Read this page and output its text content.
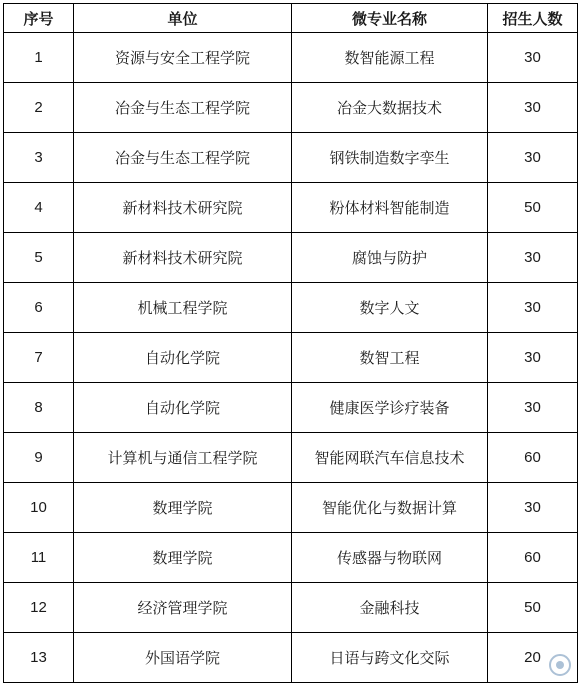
序号	单位	微专业名称	招生人数
1	资源与安全工程学院	数智能源工程	30
2	冶金与生态工程学院	冶金大数据技术	30
3	冶金与生态工程学院	钢铁制造数字孪生	30
4	新材料技术研究院	粉体材料智能制造	50
5	新材料技术研究院	腐蚀与防护	30
6	机械工程学院	数字人文	30
7	自动化学院	数智工程	30
8	自动化学院	健康医学诊疗装备	30
9	计算机与通信工程学院	智能网联汽车信息技术	60
10	数理学院	智能优化与数据计算	30
11	数理学院	传感器与物联网	60
12	经济管理学院	金融科技	50
13	外国语学院	日语与跨文化交际	20
